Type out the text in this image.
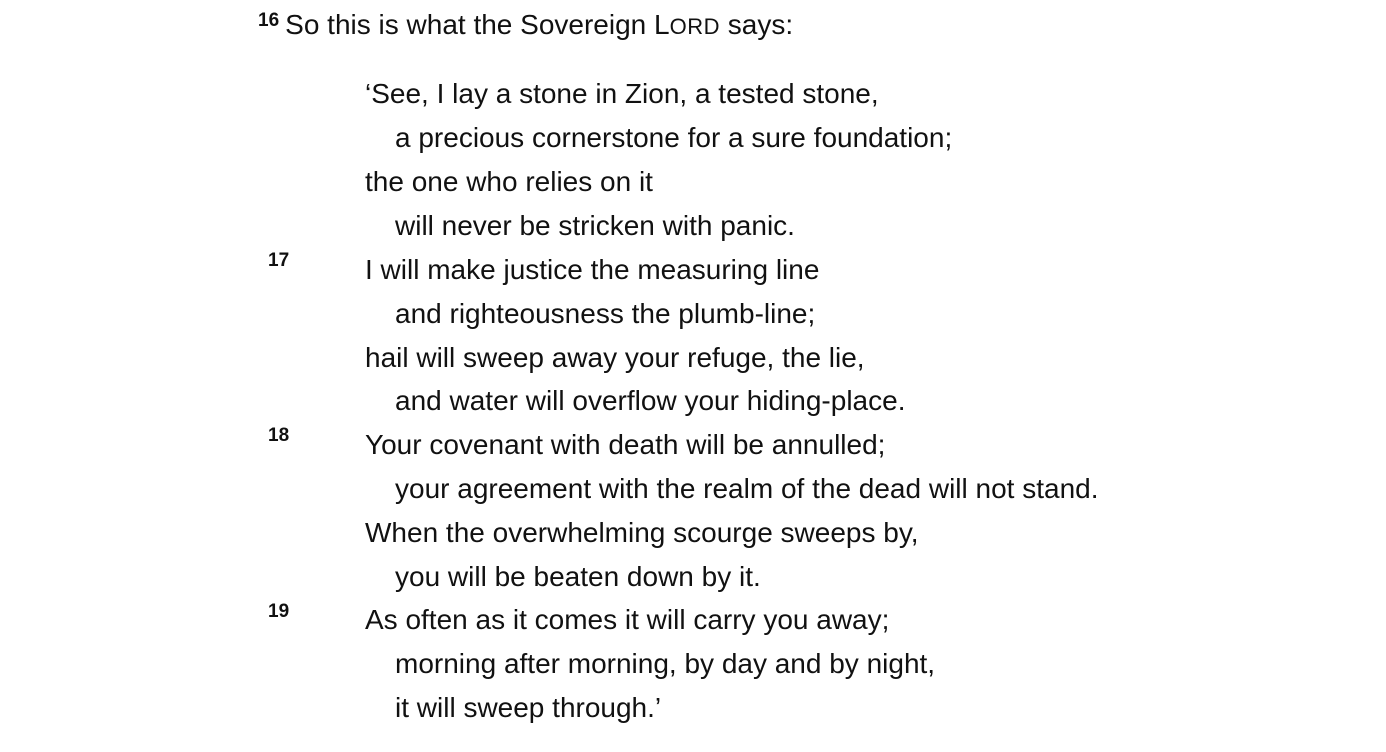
$^{16}$ So this is what the Sovereign LORD says:
‘See, I lay a stone in Zion, a tested stone,
a precious cornerstone for a sure foundation;
the one who relies on it
will never be stricken with panic.
17	I will make justice the measuring line
and righteousness the plumb-line;
hail will sweep away your refuge, the lie,
and water will overflow your hiding-place.
18	Your covenant with death will be annulled;
your agreement with the realm of the dead will not stand.
When the overwhelming scourge sweeps by,
you will be beaten down by it.
19	As often as it comes it will carry you away;
morning after morning, by day and by night,
it will sweep through.’
